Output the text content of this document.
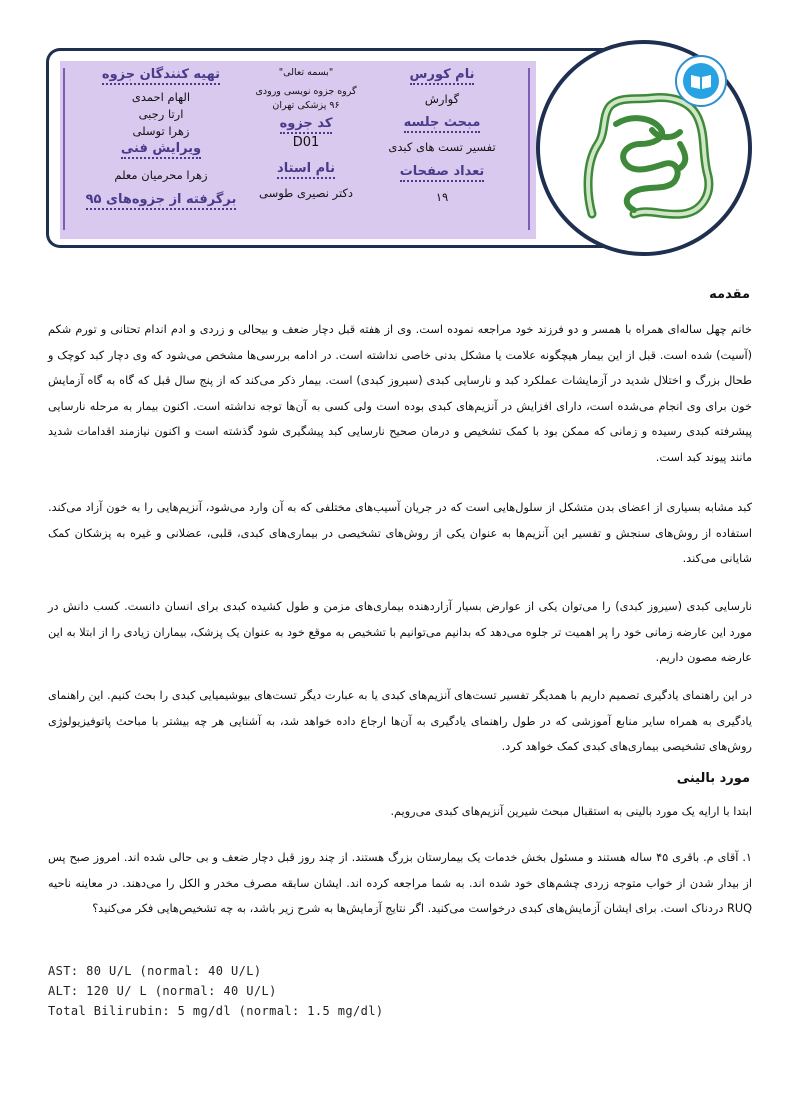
نام کورس
گوارش
مبحث جلسه
تفسیر تست های کبدی
تعداد صفحات
۱۹
"بسمه تعالی"
گروه جزوه نویسی ورودی
۹۶ پزشکی تهران
کد جزوه
D01
نام استاد
دکتر نصیری طوسی
تهیه کنندگان جزوه
الهام احمدی
ارتا رجبی
زهرا توسلی
ویرایش فنی
زهرا محرمیان معلم
برگرفته از جزوه‌های ۹۵
مقدمه
خانم چهل ساله‌ای همراه با همسر و دو فرزند خود مراجعه نموده است. وی از هفته قبل دچار ضعف و بیحالی و زردی و ادم اندام تحتانی و تورم شکم (آسیت) شده است. قبل از این بیمار هیچگونه علامت یا مشکل بدنی خاصی نداشته است. در ادامه بررسی‌ها مشخص می‌شود که وی دچار کبد کوچک و طحال بزرگ و اختلال شدید در آزمایشات عملکرد کبد و نارسایی کبدی (سیروز کبدی) است. بیمار ذکر می‌کند که از پنج سال قبل که گاه به گاه آزمایش خون برای وی انجام می‌شده است، دارای افزایش در آنزیم‌های کبدی بوده است ولی کسی به آن‌ها توجه نداشته است. اکنون بیمار به مرحله نارسایی پیشرفته کبدی رسیده و زمانی که ممکن بود با کمک تشخیص و درمان صحیح نارسایی کبد پیشگیری شود گذشته است و اکنون نیازمند اقدامات شدید مانند پیوند کبد است.
کبد مشابه بسیاری از اعضای بدن متشکل از سلول‌هایی است که در جریان آسیب‌های مختلفی که به آن وارد می‌شود، آنزیم‌هایی را به خون آزاد می‌کند. استفاده از روش‌های سنجش و تفسیر این آنزیم‌ها به عنوان یکی از روش‌های تشخیصی در بیماری‌های کبدی، قلبی، عضلانی و غیره به پزشکان کمک شایانی می‌کند.
نارسایی کبدی (سیروز کبدی) را می‌توان یکی از عوارض بسیار آزاردهنده بیماری‌های مزمن و طول کشیده کبدی برای انسان دانست. کسب دانش در مورد این عارضه زمانی خود را پر اهمیت تر جلوه می‌دهد که بدانیم می‌توانیم با تشخیص به موقع خود به عنوان یک پزشک، بیماران زیادی را از ابتلا به این عارضه مصون داریم.
در این راهنمای یادگیری تصمیم داریم با همدیگر تفسیر تست‌های آنزیم‌های کبدی یا به عبارت دیگر تست‌های بیوشیمیایی کبدی را بحث کنیم. این راهنمای یادگیری به همراه سایر منابع آموزشی که در طول راهنمای یادگیری به آن‌ها ارجاع داده خواهد شد، به آشنایی هر چه بیشتر با مباحث پاتوفیزیولوژی روش‌های تشخیصی بیماری‌های کبدی کمک خواهد کرد.
مورد بالینی
ابتدا با ارایه یک مورد بالینی به استقبال مبحث شیرین آنزیم‌های کبدی می‌رویم.
۱. آقای م. باقری ۴۵ ساله هستند و مسئول بخش خدمات یک بیمارستان بزرگ هستند. از چند روز قبل دچار ضعف و بی حالی شده اند. امروز صبح پس از بیدار شدن از خواب متوجه زردی چشم‌های خود شده اند. به شما مراجعه کرده اند. ایشان سابقه مصرف مخدر و الکل را می‌دهند. در معاینه ناحیه RUQ دردناک است. برای ایشان آزمایش‌های کبدی درخواست می‌کنید. اگر نتایج آزمایش‌ها به شرح زیر باشد، به چه تشخیص‌هایی فکر می‌کنید؟
AST: 80 U/L (normal: 40 U/L)
ALT: 120 U/ L (normal: 40 U/L)
Total Bilirubin: 5 mg/dl (normal: 1.5 mg/dl)
